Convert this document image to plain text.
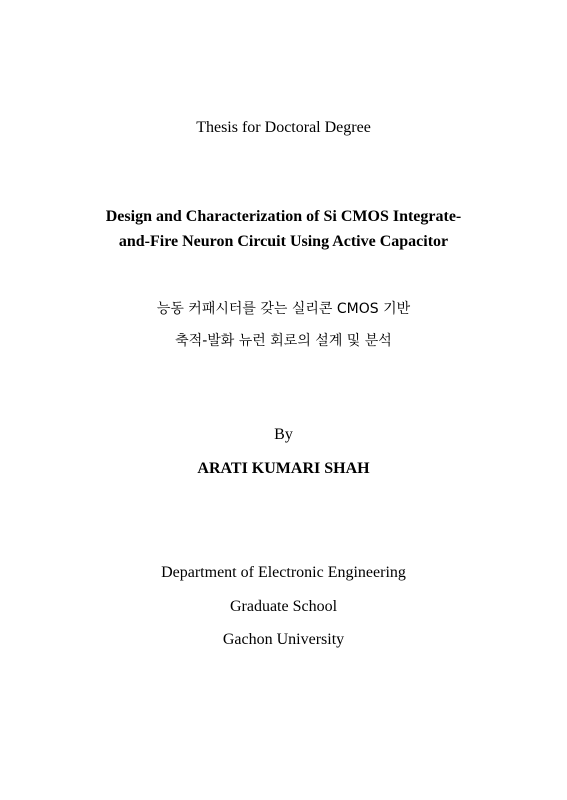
Thesis for Doctoral Degree
Design and Characterization of Si CMOS Integrate-
and-Fire Neuron Circuit Using Active Capacitor
능동 커패시터를 갖는 실리콘 CMOS 기반
축적-발화 뉴런 회로의 설계 및 분석
By
ARATI KUMARI SHAH
Department of Electronic Engineering
Graduate School
Gachon University
